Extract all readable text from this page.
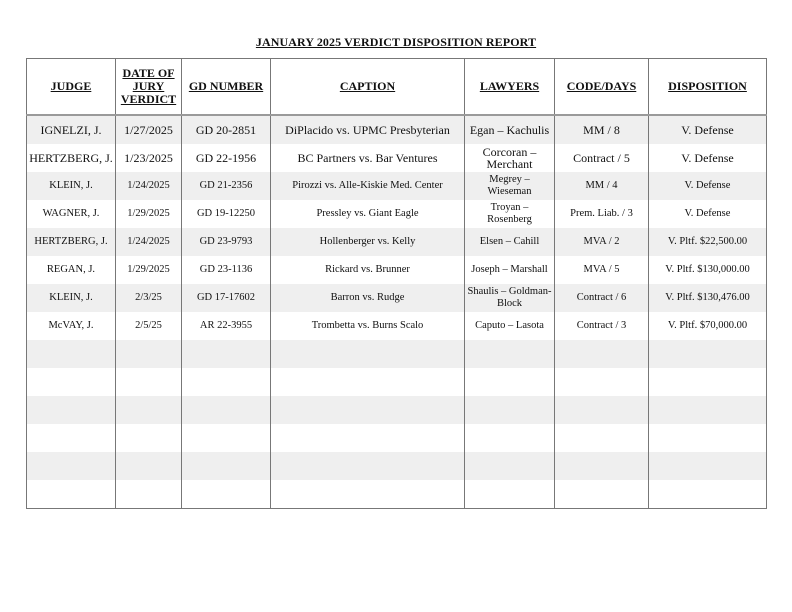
JANUARY 2025 VERDICT DISPOSITION REPORT
JUDGE	DATE OF JURY VERDICT	GD NUMBER	CAPTION	LAWYERS	CODE/DAYS	DISPOSITION
IGNELZI, J.	1/27/2025	GD 20-2851	DiPlacido vs. UPMC Presbyterian	Egan – Kachulis	MM / 8	V. Defense
HERTZBERG, J.	1/23/2025	GD 22-1956	BC Partners vs. Bar Ventures	Corcoran – Merchant	Contract / 5	V. Defense
KLEIN, J.	1/24/2025	GD 21-2356	Pirozzi vs. Alle-Kiskie Med. Center	Megrey – Wieseman	MM / 4	V. Defense
WAGNER, J.	1/29/2025	GD 19-12250	Pressley vs. Giant Eagle	Troyan – Rosenberg	Prem. Liab. / 3	V. Defense
HERTZBERG, J.	1/24/2025	GD 23-9793	Hollenberger vs. Kelly	Elsen – Cahill	MVA / 2	V. Pltf. $22,500.00
REGAN, J.	1/29/2025	GD 23-1136	Rickard vs. Brunner	Joseph – Marshall	MVA / 5	V. Pltf. $130,000.00
KLEIN, J.	2/3/25	GD 17-17602	Barron vs. Rudge	Shaulis – Goldman-Block	Contract / 6	V. Pltf. $130,476.00
McVAY, J.	2/5/25	AR 22-3955	Trombetta vs. Burns Scalo	Caputo – Lasota	Contract / 3	V. Pltf. $70,000.00
